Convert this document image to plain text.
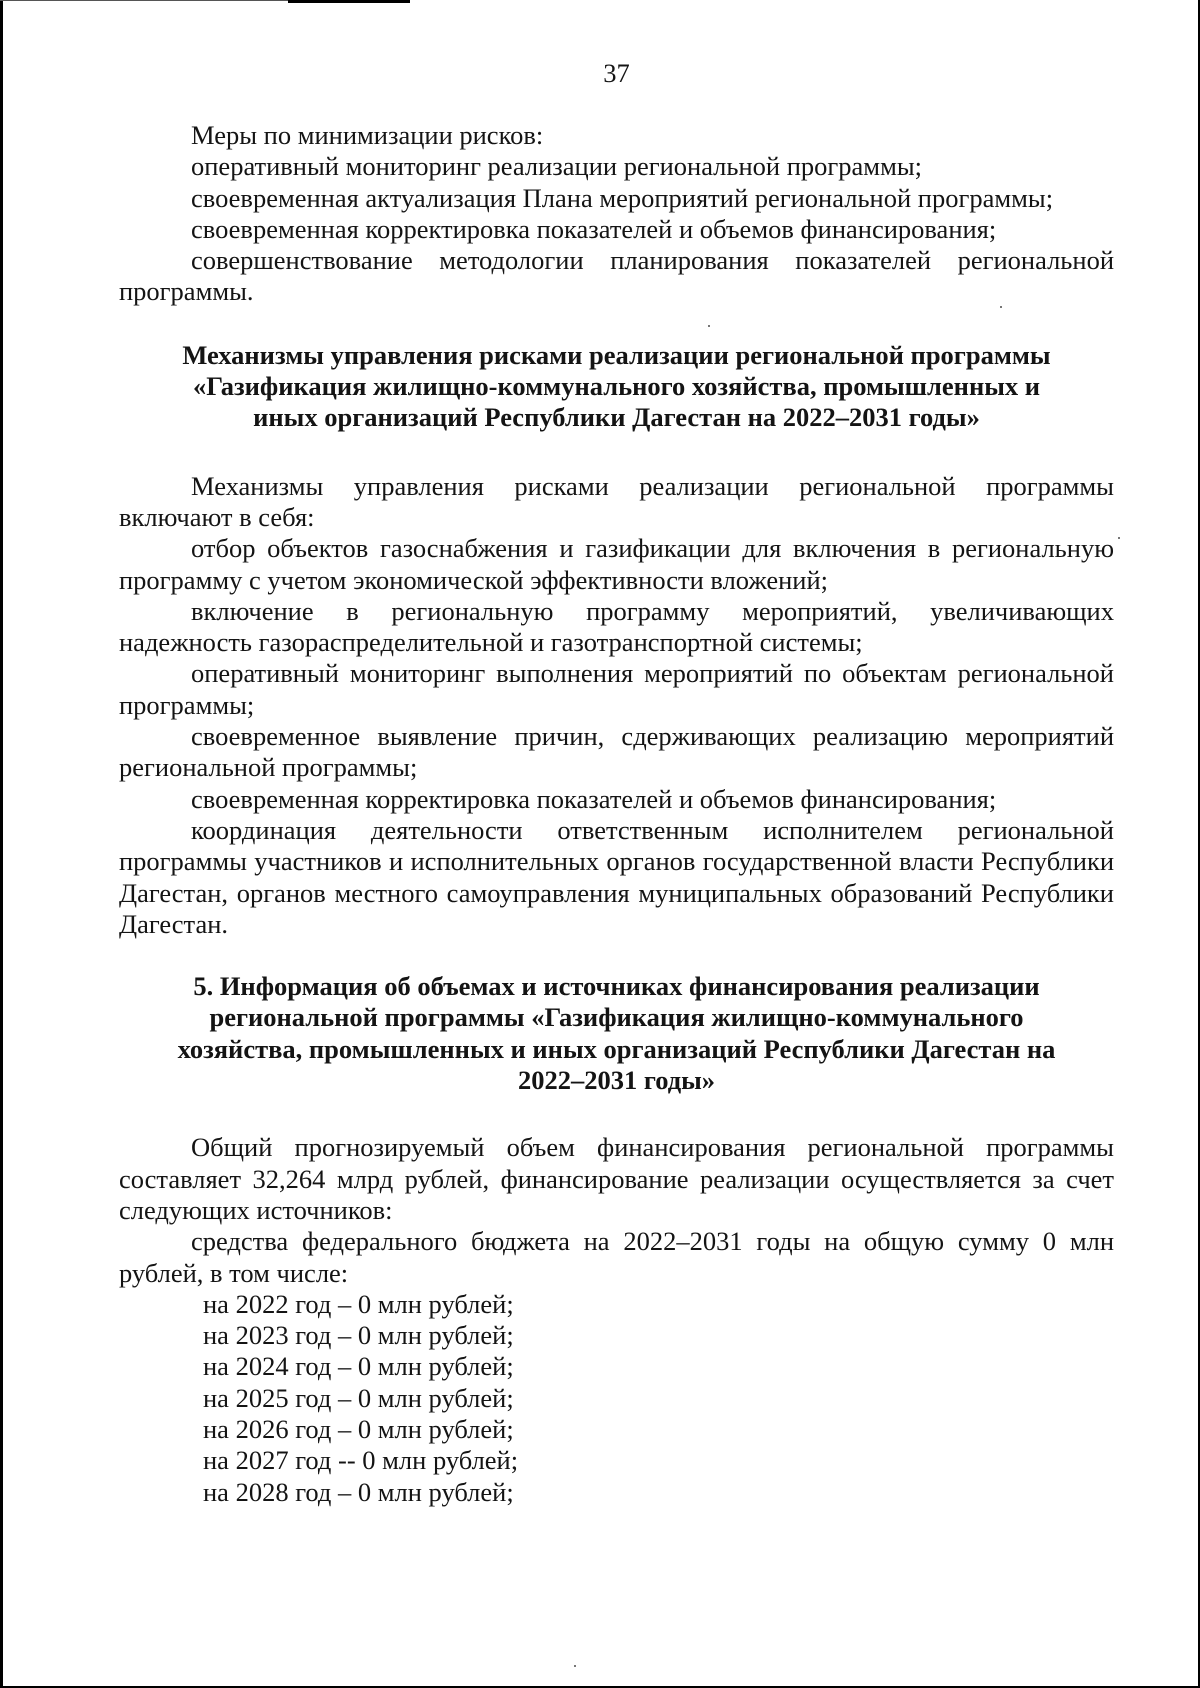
37

Меры по минимизации рисков:

оперативный мониторинг реализации региональной программы;

своевременная актуализация Плана мероприятий региональной программы;

своевременная корректировка показателей и объемов финансирования;

совершенствование методологии планирования показателей региональной программы.

Механизмы управления рисками реализации региональной программы «Газификация жилищно-коммунального хозяйства, промышленных и иных организаций Республики Дагестан на 2022–2031 годы»

Механизмы управления рисками реализации региональной программы включают в себя:

отбор объектов газоснабжения и газификации для включения в региональную программу с учетом экономической эффективности вложений;

включение в региональную программу мероприятий, увеличивающих надежность газораспределительной и газотранспортной системы;

оперативный мониторинг выполнения мероприятий по объектам региональной программы;

своевременное выявление причин, сдерживающих реализацию мероприятий региональной программы;

своевременная корректировка показателей и объемов финансирования;

координация деятельности ответственным исполнителем региональной программы участников и исполнительных органов государственной власти Республики Дагестан, органов местного самоуправления муниципальных образований Республики Дагестан.

5. Информация об объемах и источниках финансирования реализации региональной программы «Газификация жилищно-коммунального хозяйства, промышленных и иных организаций Республики Дагестан на 2022–2031 годы»

Общий прогнозируемый объем финансирования региональной программы составляет 32,264 млрд рублей, финансирование реализации осуществляется за счет следующих источников:

средства федерального бюджета на 2022–2031 годы на общую сумму 0 млн рублей, в том числе:

на 2022 год – 0 млн рублей;

на 2023 год – 0 млн рублей;

на 2024 год – 0 млн рублей;

на 2025 год – 0 млн рублей;

на 2026 год – 0 млн рублей;

на 2027 год -- 0 млн рублей;

на 2028 год – 0 млн рублей;
